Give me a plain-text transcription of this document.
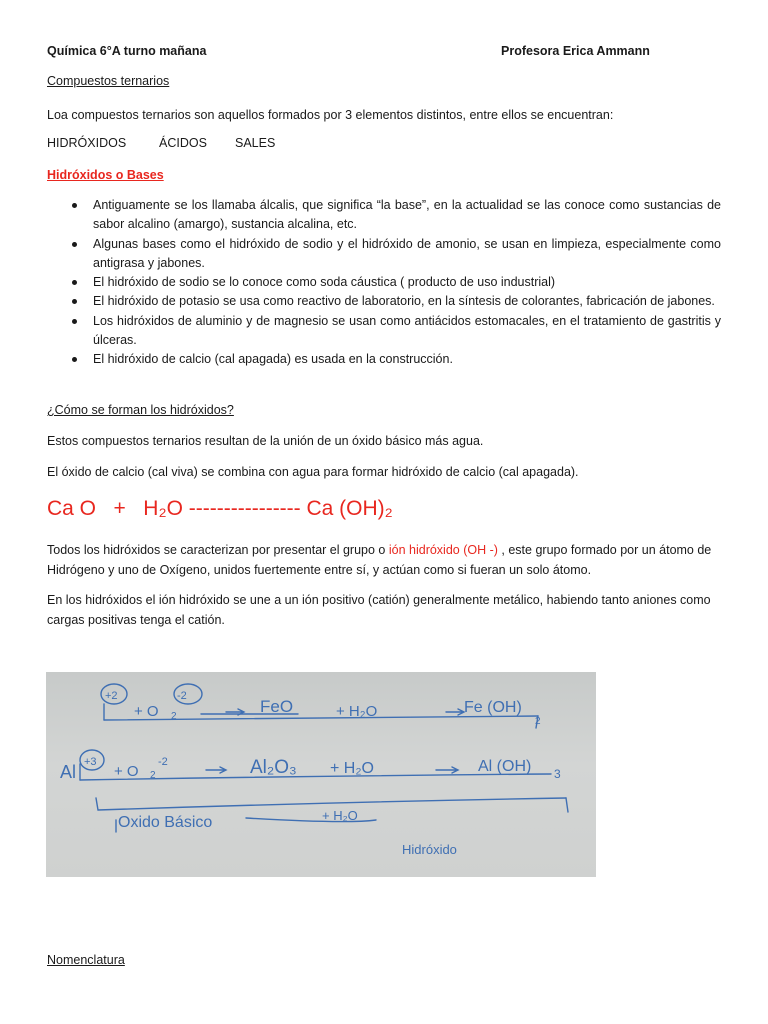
Química 6°A turno mañana	Profesora Erica Ammann
Compuestos ternarios
Loa compuestos ternarios son aquellos formados por 3 elementos distintos, entre ellos se encuentran:
HIDRÓXIDOS	ÁCIDOS SALES
Hidróxidos o Bases
Antiguamente se los llamaba álcalis, que significa “la base”, en la actualidad se las conoce como sustancias de sabor alcalino (amargo), sustancia alcalina, etc.
Algunas bases como el hidróxido de sodio y el hidróxido de amonio, se usan en limpieza, especialmente como antigrasa y jabones.
El hidróxido de sodio se lo conoce como soda cáustica ( producto de uso industrial)
El hidróxido de potasio se usa como reactivo de laboratorio, en la síntesis de colorantes, fabricación de jabones.
Los hidróxidos de aluminio y de magnesio se usan como antiácidos estomacales, en el tratamiento de gastritis y úlceras.
El hidróxido de calcio (cal apagada) es usada en la construcción.
¿Cómo se forman los hidróxidos?
Estos compuestos ternarios resultan de la unión de un óxido básico más agua.
El óxido de calcio (cal viva) se combina con agua para formar hidróxido de calcio (cal apagada).
Ca O   +   H₂O ---------------- Ca (OH)₂
Todos los hidróxidos se caracterizan por presentar el grupo o ión hidróxido (OH -) , este grupo formado por un átomo de Hidrógeno y uno de Oxígeno, unidos fuertemente entre sí, y actúan como si fueran un solo átomo.
En los hidróxidos el ión hidróxido se une a un ión positivo (catión) generalmente metálico, habiendo tanto aniones como cargas positivas tenga el catión.
Fe
+2
+ O 2
-2
FeO	+ H₂O	Fe (OH)
2
Al +3
+ O 2
-2	Al₂O₃ + H₂O	Al (OH) 3
Oxido Básico	+ H₂O
Hidróxido
Nomenclatura
